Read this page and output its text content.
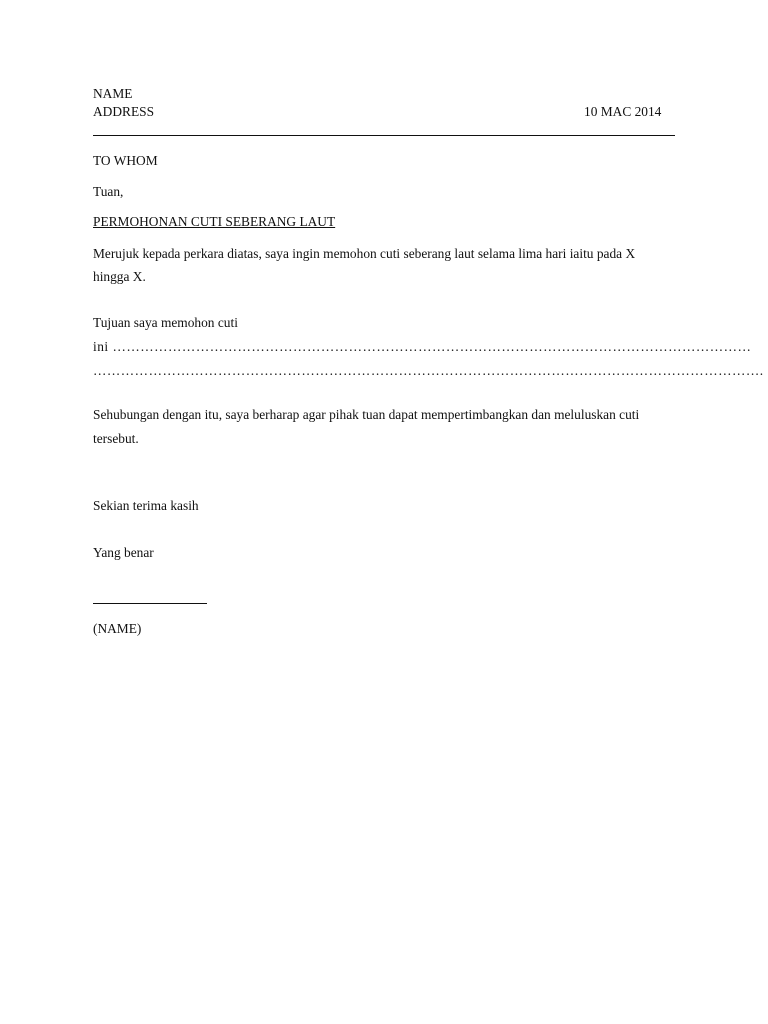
NAME
ADDRESS	10 MAC 2014
TO WHOM
Tuan,
PERMOHONAN CUTI SEBERANG LAUT
Merujuk kepada perkara diatas, saya ingin memohon cuti seberang laut selama lima hari iaitu pada X
hingga X.
Tujuan saya memohon cuti
ini …………………………………………………………………………………………………………………………
……………………………………………………………………………………………………………………………….
Sehubungan dengan itu, saya berharap agar pihak tuan dapat mempertimbangkan dan meluluskan cuti
tersebut.
Sekian terima kasih
Yang benar
(NAME)
